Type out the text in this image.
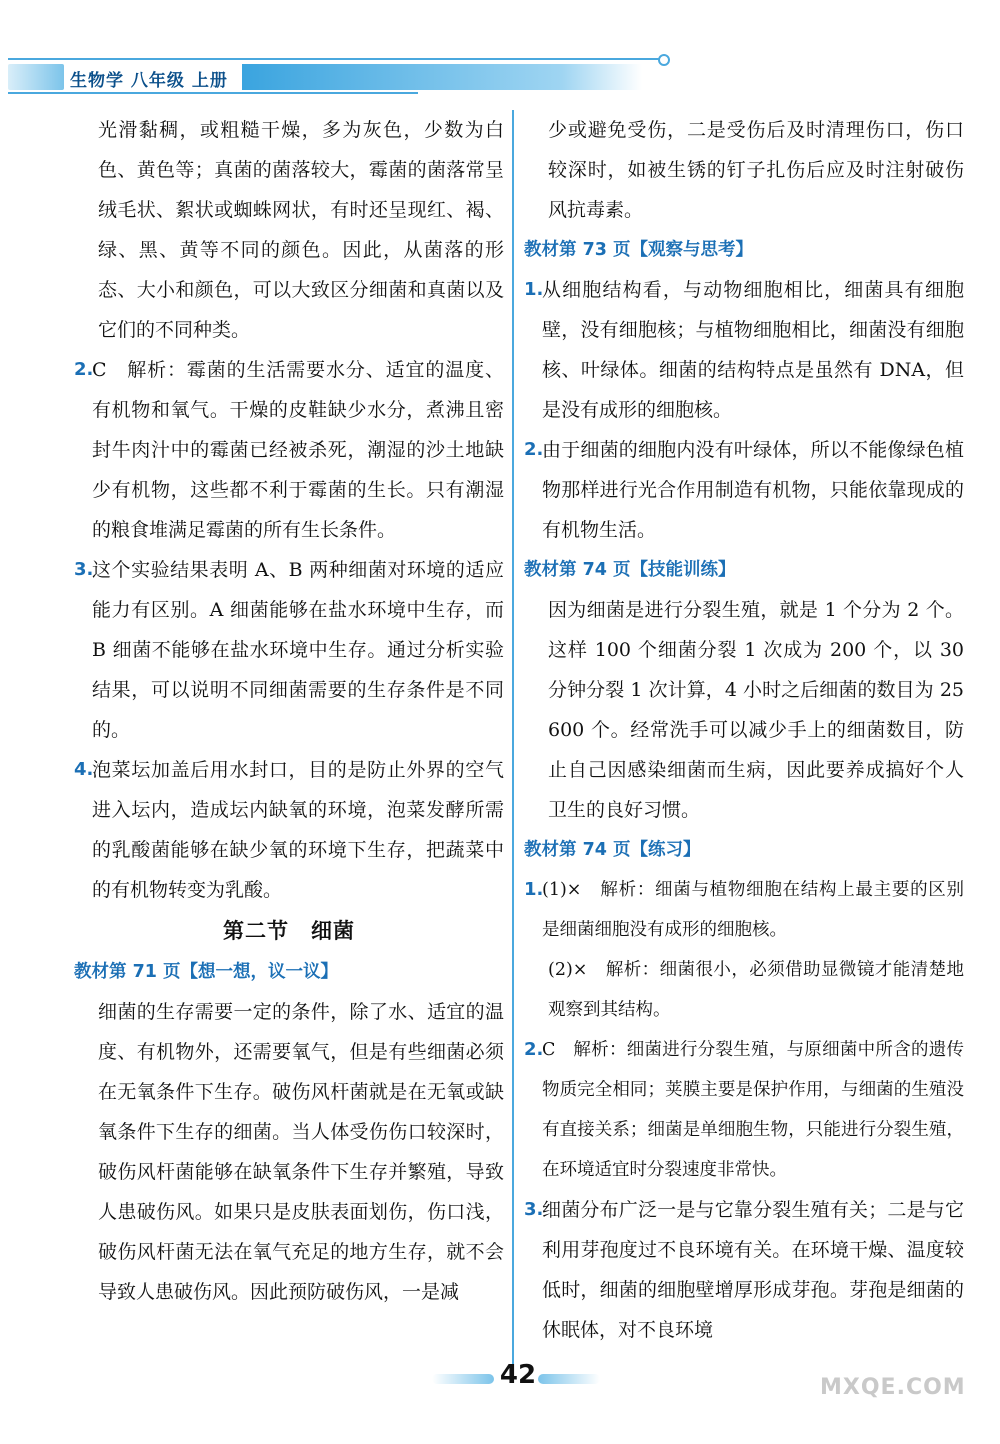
生物学 八年级 上册
光滑黏稠，或粗糙干燥，多为灰色，少数为白色、黄色等；真菌的菌落较大，霉菌的菌落常呈绒毛状、絮状或蜘蛛网状，有时还呈现红、褐、绿、黑、黄等不同的颜色。因此，从菌落的形态、大小和颜色，可以大致区分细菌和真菌以及它们的不同种类。
2.
C　解析：霉菌的生活需要水分、适宜的温度、有机物和氧气。干燥的皮鞋缺少水分，煮沸且密封牛肉汁中的霉菌已经被杀死，潮湿的沙土地缺少有机物，这些都不利于霉菌的生长。只有潮湿的粮食堆满足霉菌的所有生长条件。
3.
这个实验结果表明 A、B 两种细菌对环境的适应能力有区别。A 细菌能够在盐水环境中生存，而 B 细菌不能够在盐水环境中生存。通过分析实验结果，可以说明不同细菌需要的生存条件是不同的。
4.
泡菜坛加盖后用水封口，目的是防止外界的空气进入坛内，造成坛内缺氧的环境，泡菜发酵所需的乳酸菌能够在缺少氧的环境下生存，把蔬菜中的有机物转变为乳酸。
第二节　细菌
教材第 71 页【想一想，议一议】
细菌的生存需要一定的条件，除了水、适宜的温度、有机物外，还需要氧气，但是有些细菌必须在无氧条件下生存。破伤风杆菌就是在无氧或缺氧条件下生存的细菌。当人体受伤伤口较深时，破伤风杆菌能够在缺氧条件下生存并繁殖，导致人患破伤风。如果只是皮肤表面划伤，伤口浅，破伤风杆菌无法在氧气充足的地方生存，就不会导致人患破伤风。因此预防破伤风，一是减
少或避免受伤，二是受伤后及时清理伤口，伤口较深时，如被生锈的钉子扎伤后应及时注射破伤风抗毒素。
教材第 73 页【观察与思考】
1.
从细胞结构看，与动物细胞相比，细菌具有细胞壁，没有细胞核；与植物细胞相比，细菌没有细胞核、叶绿体。细菌的结构特点是虽然有 DNA，但是没有成形的细胞核。
2.
由于细菌的细胞内没有叶绿体，所以不能像绿色植物那样进行光合作用制造有机物，只能依靠现成的有机物生活。
教材第 74 页【技能训练】
因为细菌是进行分裂生殖，就是 1 个分为 2 个。这样 100 个细菌分裂 1 次成为 200 个，以 30 分钟分裂 1 次计算，4 小时之后细菌的数目为 25 600 个。经常洗手可以减少手上的细菌数目，防止自己因感染细菌而生病，因此要养成搞好个人卫生的良好习惯。
教材第 74 页【练习】
1.
(1)×　解析：细菌与植物细胞在结构上最主要的区别是细菌细胞没有成形的细胞核。
(2)×　解析：细菌很小，必须借助显微镜才能清楚地观察到其结构。
2.
C　解析：细菌进行分裂生殖，与原细菌中所含的遗传物质完全相同；荚膜主要是保护作用，与细菌的生殖没有直接关系；细菌是单细胞生物，只能进行分裂生殖，在环境适宜时分裂速度非常快。
3.
细菌分布广泛一是与它靠分裂生殖有关；二是与它利用芽孢度过不良环境有关。在环境干燥、温度较低时，细菌的细胞壁增厚形成芽孢。芽孢是细菌的休眠体，对不良环境
42	MXQE.COM
